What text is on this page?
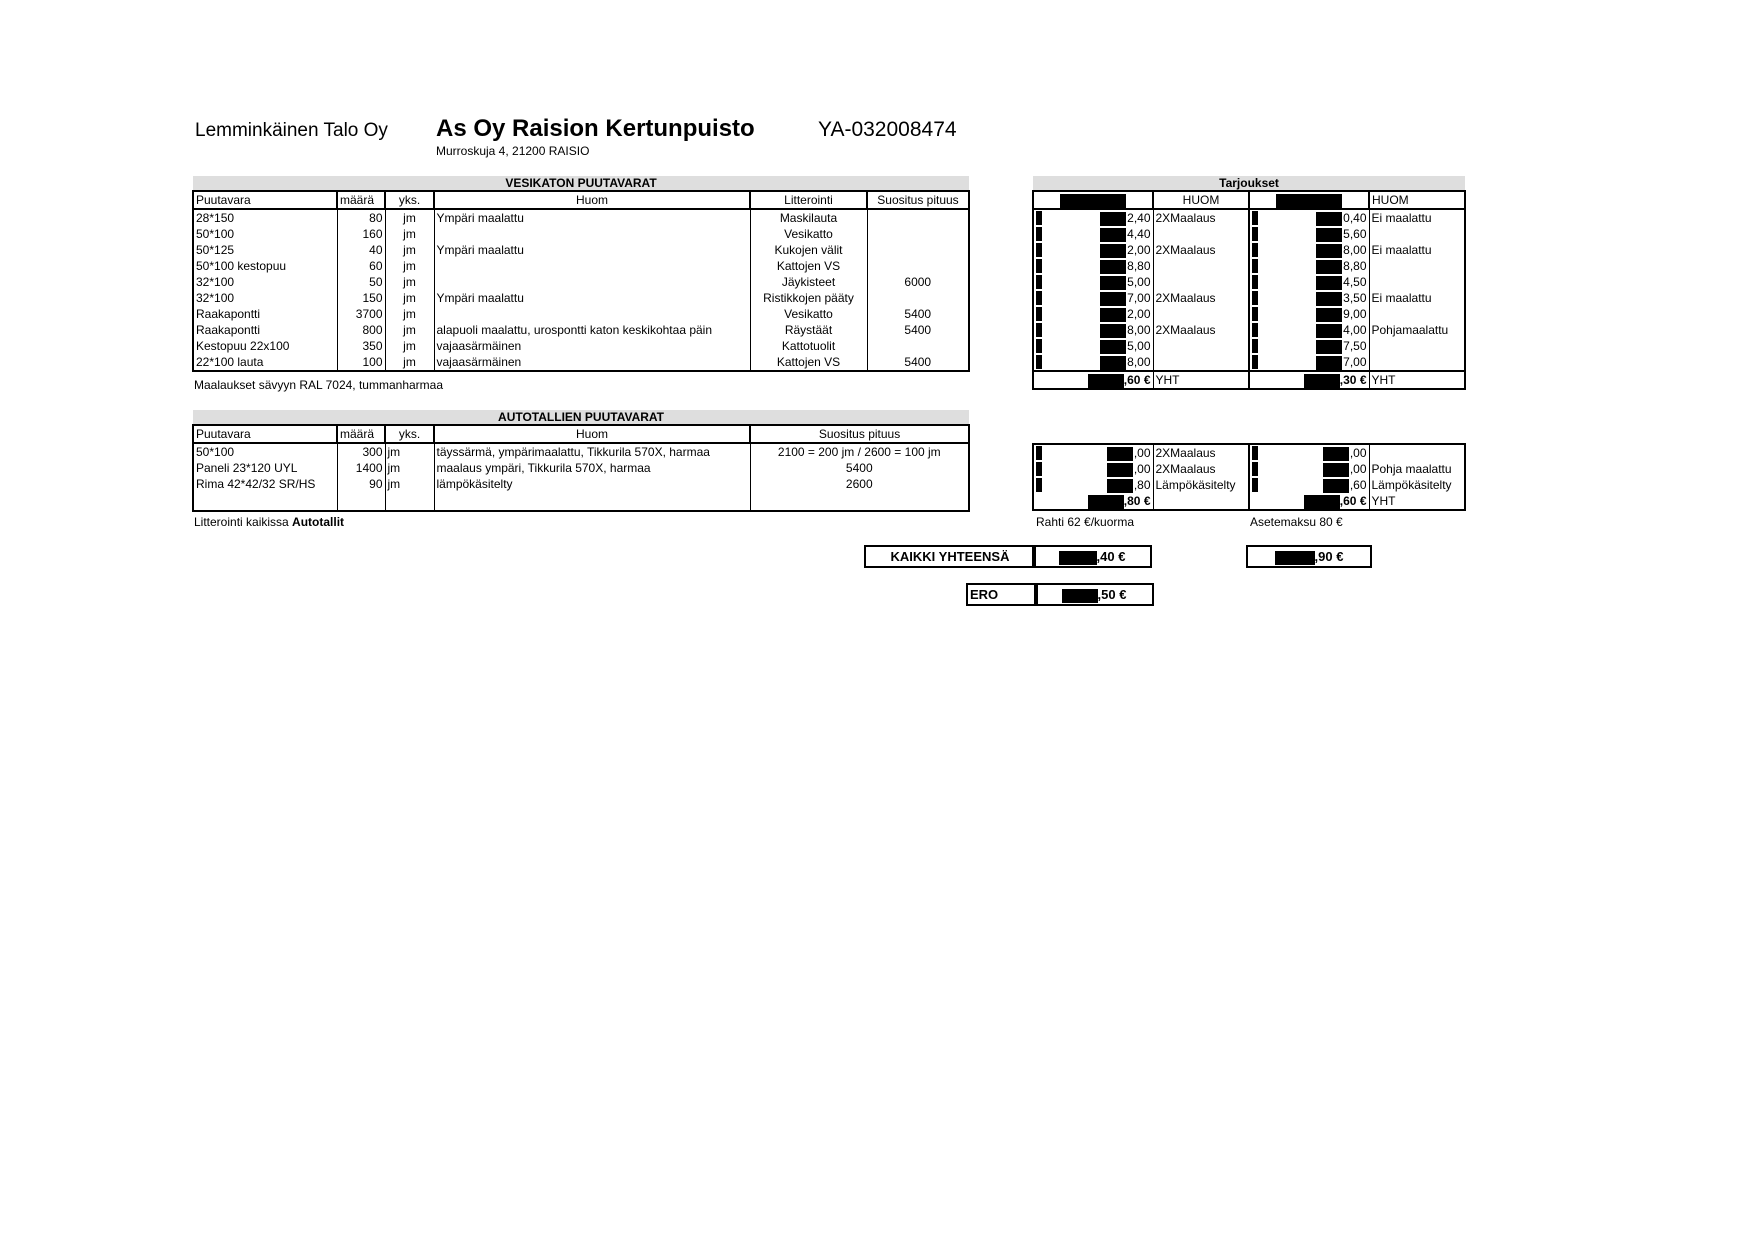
Lemminkäinen Talo Oy As Oy Raision Kertunpuisto
Murroskuja 4, 21200 RAISIO
YA-032008474
VESIKATON PUUTAVARAT					
Puutavara	määrä	yks.	Huom	Litterointi	Suositus pituus
28*150	80	jm	Ympäri maalattu	Maskilauta	
50*100	160	jm		Vesikatto	
50*125	40	jm	Ympäri maalattu	Kukojen välit	
50*100 kestopuu	60	jm		Kattojen VS	
32*100	50	jm		Jäykisteet	6000
32*100	150	jm	Ympäri maalattu	Ristikkojen pääty	
Raakapontti	3700	jm		Vesikatto	5400
Raakapontti	800	jm	alapuoli maalattu, urospontti katon keskikohtaa päin	Räystäät	5400
Kestopuu 22x100	350	jm	vajaasärmäinen	Kattotuolit	
22*100 lauta	100	jm	vajaasärmäinen	Kattojen VS	5400
Maalaukset sävyyn RAL 7024, tummanharmaa
Tarjoukset			
	HUOM		HUOM

2,40	2XMaalaus	0,40	Ei maalattu

4,40		5,60	

2,00	2XMaalaus	8,00	Ei maalattu

8,80		8,80	

5,00		4,50	

7,00	2XMaalaus	3,50	Ei maalattu

2,00		9,00	

8,00	2XMaalaus	4,00	Pohjamaalattu

5,00		7,50	

8,00		7,00	
,60 €	YHT	,30 €	YHT
AUTOTALLIEN PUUTAVARAT				
Puutavara	määrä	yks.	Huom	Suositus pituus
50*100	300	jm	täyssärmä, ympärimaalattu, Tikkurila 570X, harmaa	2100 = 200 jm / 2600 = 100 jm
Paneli 23*120 UYL	1400	jm	maalaus ympäri, Tikkurila 570X, harmaa	5400
Rima 42*42/32 SR/HS	90	jm	lämpökäsitelty	2600

Litterointi kaikissa Autotallit
,00	2XMaalaus	,00	

,00	2XMaalaus	,00	Pohja maalattu

,80	Lämpökäsitelty	,60	Lämpökäsitelty
,80 €		,60 €	YHT
Rahti 62 €/kuorma	Asetemaksu 80 €
KAIKKI YHTEENSÄ	,40 €	,90 €
ERO	,50 €
